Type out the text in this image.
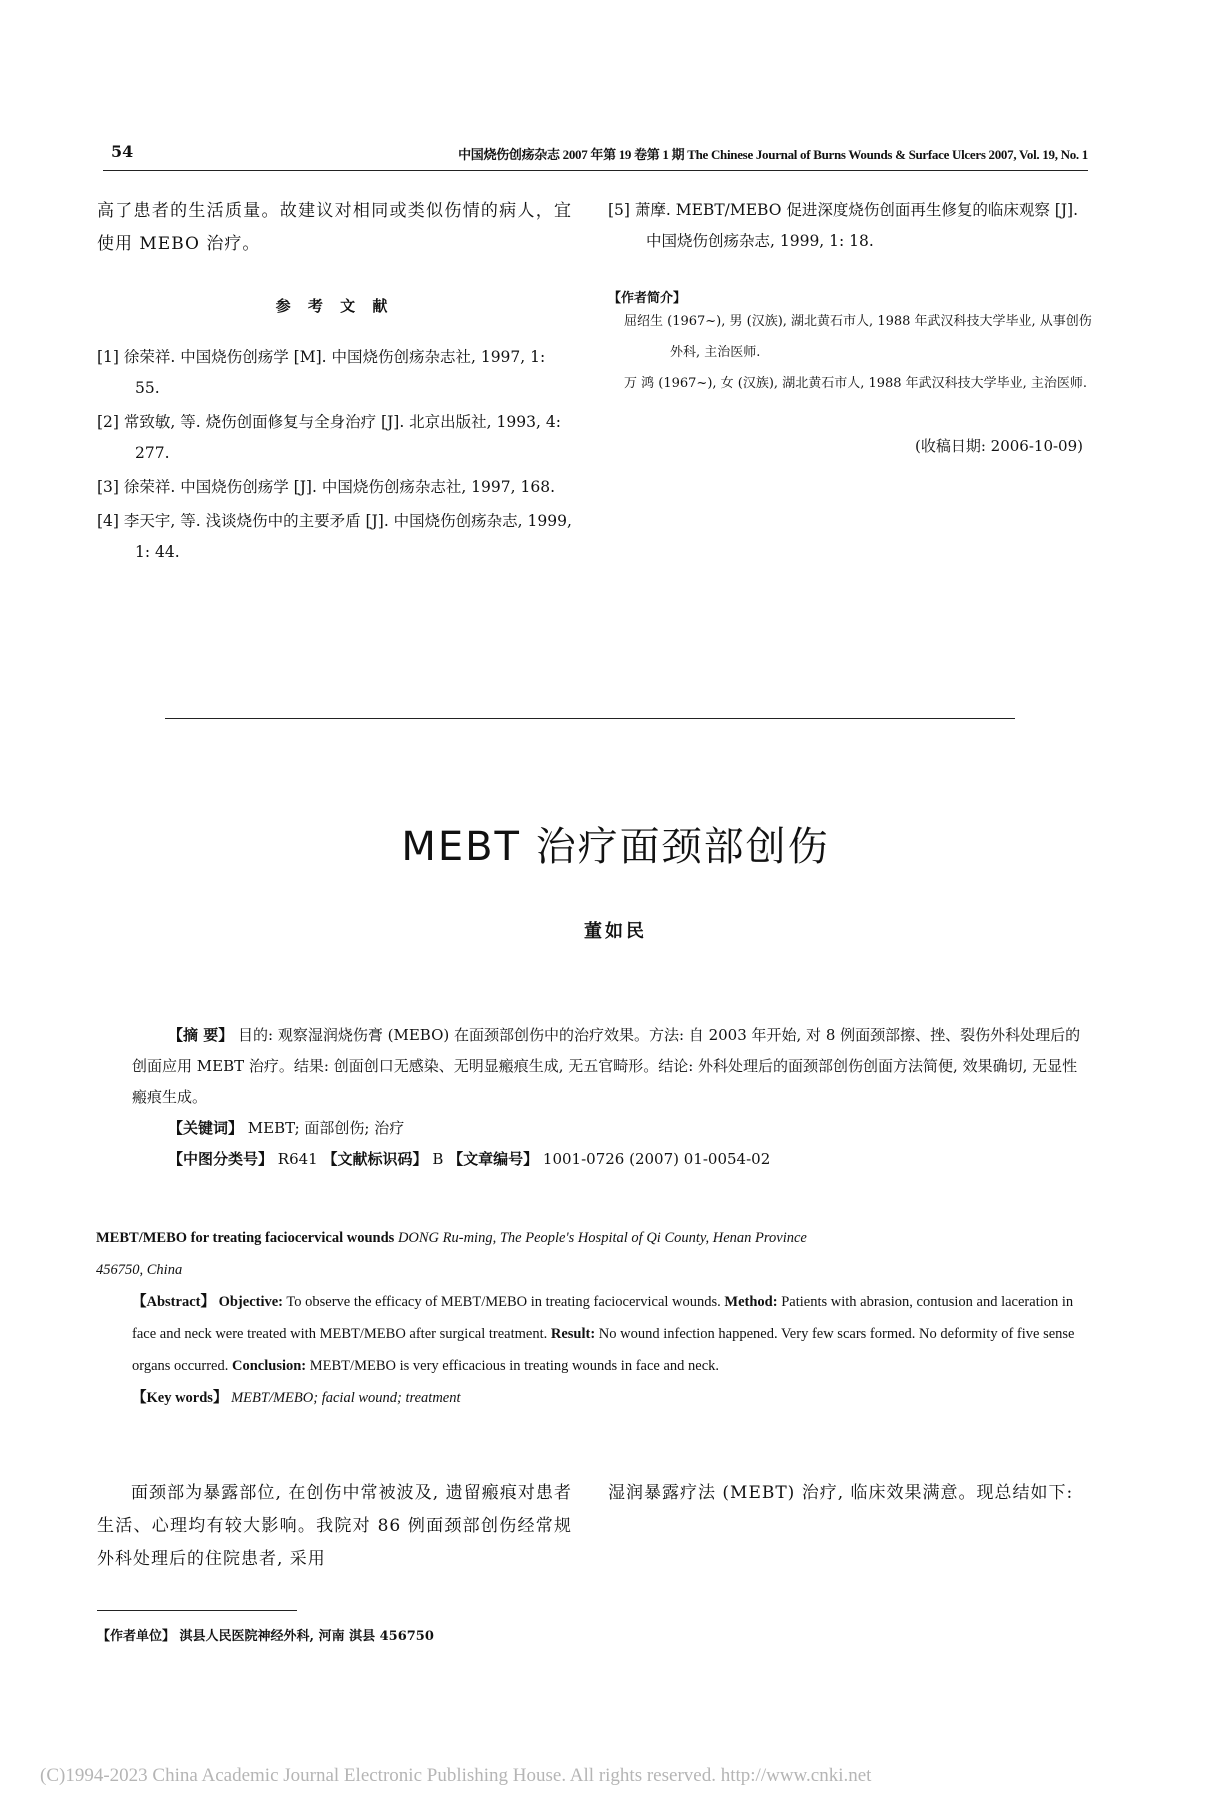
54	中国烧伤创疡杂志 2007 年第 19 卷第 1 期 The Chinese Journal of Burns Wounds & Surface Ulcers 2007, Vol. 19, No. 1

高了患者的生活质量。故建议对相同或类似伤情的病人，宜使用 MEBO 治疗。

参 考 文 献

[1] 徐荣祥. 中国烧伤创疡学 [M]. 中国烧伤创疡杂志社, 1997, 1: 55.

[2] 常致敏, 等. 烧伤创面修复与全身治疗 [J]. 北京出版社, 1993, 4: 277.

[3] 徐荣祥. 中国烧伤创疡学 [J]. 中国烧伤创疡杂志社, 1997, 168.

[4] 李天宇, 等. 浅谈烧伤中的主要矛盾 [J]. 中国烧伤创疡杂志, 1999, 1: 44.

[5] 萧摩. MEBT/MEBO 促进深度烧伤创面再生修复的临床观察 [J]. 中国烧伤创疡杂志, 1999, 1: 18.

【作者简介】

屈绍生 (1967~), 男 (汉族), 湖北黄石市人, 1988 年武汉科技大学毕业, 从事创伤外科, 主治医师.

万 鸿 (1967~), 女 (汉族), 湖北黄石市人, 1988 年武汉科技大学毕业, 主治医师.

(收稿日期: 2006-10-09)
MEBT 治疗面颈部创伤
董如民

【摘 要】 目的: 观察湿润烧伤膏 (MEBO) 在面颈部创伤中的治疗效果。方法: 自 2003 年开始, 对 8 例面颈部擦、挫、裂伤外科处理后的创面应用 MEBT 治疗。结果: 创面创口无感染、无明显瘢痕生成, 无五官畸形。结论: 外科处理后的面颈部创伤创面方法简便, 效果确切, 无显性瘢痕生成。

【关键词】 MEBT; 面部创伤; 治疗

【中图分类号】 R641 【文献标识码】 B 【文章编号】 1001-0726 (2007) 01-0054-02

MEBT/MEBO for treating faciocervical wounds DONG Ru-ming, The People's Hospital of Qi County, Henan Province

456750, China

【Abstract】 Objective: To observe the efficacy of MEBT/MEBO in treating faciocervical wounds. Method: Patients with abrasion, contusion and laceration in face and neck were treated with MEBT/MEBO after surgical treatment. Result: No wound infection happened. Very few scars formed. No deformity of five sense organs occurred. Conclusion: MEBT/MEBO is very efficacious in treating wounds in face and neck.

【Key words】 MEBT/MEBO; facial wound; treatment

面颈部为暴露部位, 在创伤中常被波及, 遗留瘢痕对患者生活、心理均有较大影响。我院对 86 例面颈部创伤经常规外科处理后的住院患者, 采用

湿润暴露疗法 (MEBT) 治疗, 临床效果满意。现总结如下:

【作者单位】 淇县人民医院神经外科, 河南 淇县 456750
(C)1994-2023 China Academic Journal Electronic Publishing House. All rights reserved. http://www.cnki.net
